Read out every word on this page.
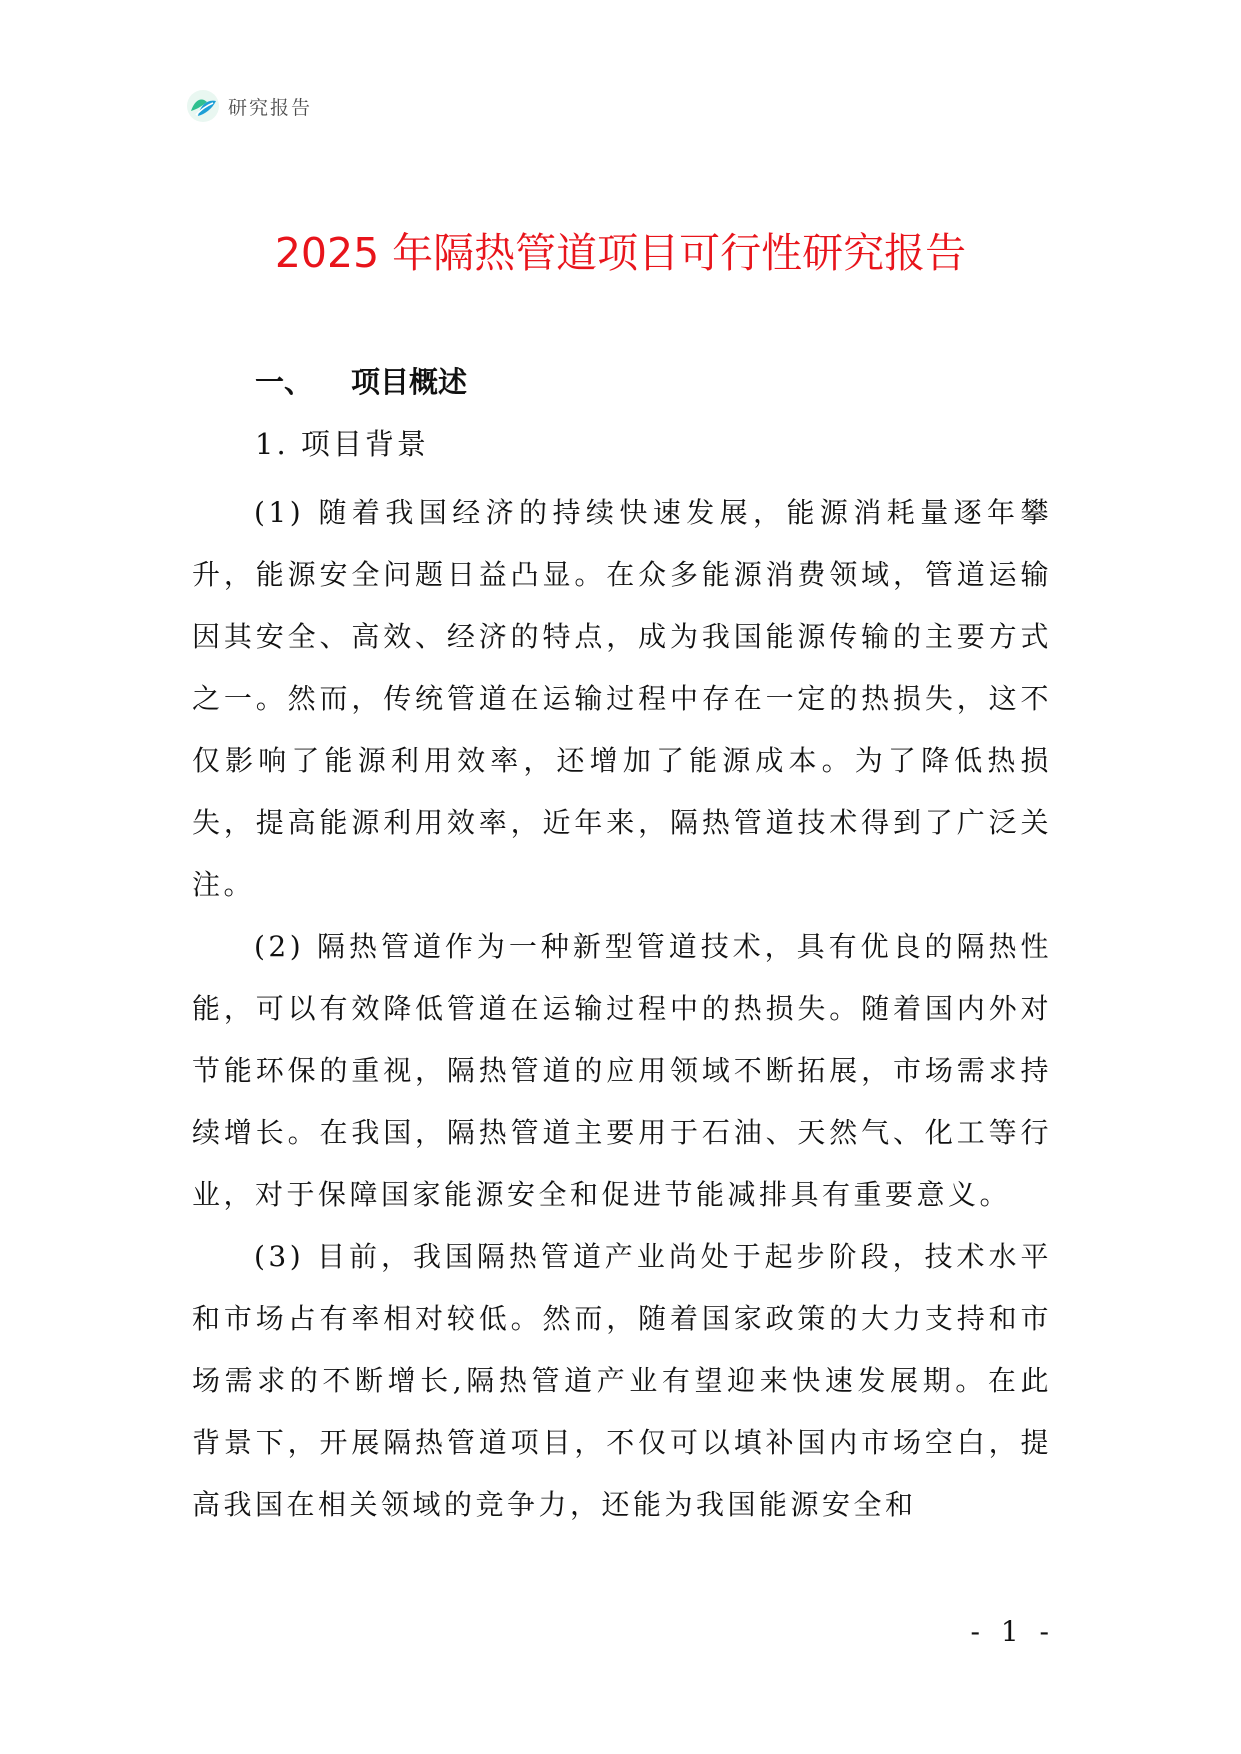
研究报告
2025 年隔热管道项目可行性研究报告
一、 项目概述
1. 项目背景

(1) 随着我国经济的持续快速发展，能源消耗量逐年攀升，能源安全问题日益凸显。在众多能源消费领域，管道运输因其安全、高效、经济的特点，成为我国能源传输的主要方式之一。然而，传统管道在运输过程中存在一定的热损失，这不仅影响了能源利用效率，还增加了能源成本。为了降低热损失，提高能源利用效率，近年来，隔热管道技术得到了广泛关注。

(2) 隔热管道作为一种新型管道技术，具有优良的隔热性能，可以有效降低管道在运输过程中的热损失。随着国内外对节能环保的重视，隔热管道的应用领域不断拓展，市场需求持续增长。在我国，隔热管道主要用于石油、天然气、化工等行业，对于保障国家能源安全和促进节能减排具有重要意义。

(3) 目前，我国隔热管道产业尚处于起步阶段，技术水平和市场占有率相对较低。然而，随着国家政策的大力支持和市场需求的不断增长,隔热管道产业有望迎来快速发展期。在此背景下，开展隔热管道项目，不仅可以填补国内市场空白，提高我国在相关领域的竞争力，还能为我国能源安全和

- 1 -
